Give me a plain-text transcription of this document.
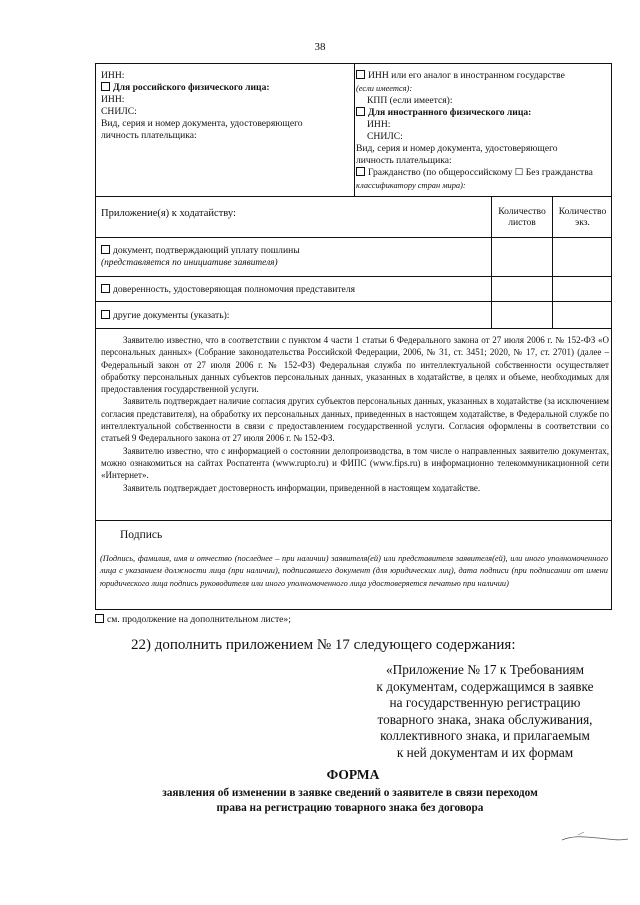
38
ИНН:
Для российского физического лица:
ИНН:
СНИЛС:
Вид, серия и номер документа, удостоверяющего
личность плательщика:
ИНН или его аналог в иностранном государстве
(если имеется):
КПП (если имеется):
Для иностранного физического лица:
ИНН:
СНИЛС:
Вид, серия и номер документа, удостоверяющего
личность плательщика:
Гражданство (по общероссийскому ☐ Без гражданства
классификатору стран мира):
Приложение(я) к ходатайству:	Количество
листов
Количество
экз.
документ, подтверждающий уплату пошлины
(представляется по инициативе заявителя)
доверенность, удостоверяющая полномочия представителя
другие документы (указать):

Заявителю известно, что в соответствии с пунктом 4 части 1 статьи 6 Федерального закона от 27 июля 2006 г. № 152-ФЗ «О персональных данных» (Собрание законодательства Российской Федерации, 2006, № 31, ст. 3451; 2020, № 17, ст. 2701) (далее – Федеральный закон от 27 июля 2006 г. № 152-ФЗ) Федеральная служба по интеллектуальной собственности осуществляет обработку персональных данных субъектов персональных данных, указанных в ходатайстве, в целях и объеме, необходимых для предоставления государственной услуги.

Заявитель подтверждает наличие согласия других субъектов персональных данных, указанных в ходатайстве (за исключением согласия представителя), на обработку их персональных данных, приведенных в настоящем ходатайстве, в Федеральной службе по интеллектуальной собственности в связи с предоставлением государственной услуги. Согласия оформлены в соответствии со статьей 9 Федерального закона от 27 июля 2006 г. № 152-ФЗ.

Заявителю известно, что с информацией о состоянии делопроизводства, в том числе о направленных заявителю документах, можно ознакомиться на сайтах Роспатента (www.rupto.ru) и ФИПС (www.fips.ru) в информационно телекоммуникационной сети «Интернет».

Заявитель подтверждает достоверность информации, приведенной в настоящем ходатайстве.

Подпись
(Подпись, фамилия, имя и отчество (последнее – при наличии) заявителя(ей) или представителя заявителя(ей), или иного уполномоченного лица с указанием должности лица (при наличии), подписавшего документ (для юридических лиц), дата подписи (при подписании от имени юридического лица подпись руководителя или иного уполномоченного лица удостоверяется печатью при наличии)
см. продолжение на дополнительном листе»;
22) дополнить приложением № 17 следующего содержания:
«Приложение № 17 к Требованиям
к документам, содержащимся в заявке
на государственную регистрацию
товарного знака, знака обслуживания,
коллективного знака, и прилагаемым
к ней документам и их формам
ФОРМА
заявления об изменении в заявке сведений о заявителе в связи переходом права на регистрацию товарного знака без договора
